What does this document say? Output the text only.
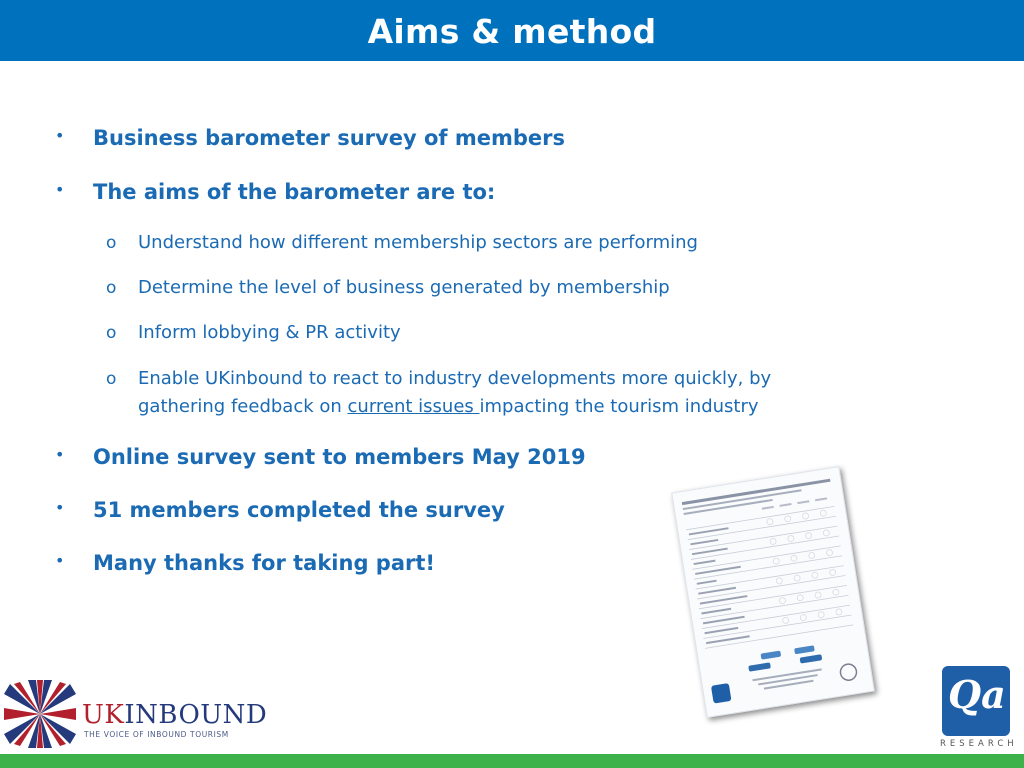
Aims & method
• Business barometer survey of members
• The aims of the barometer are to:
o Understand how different membership sectors are performing
o Determine the level of business generated by membership
o Inform lobbying & PR activity
o Enable UKinbound to react to industry developments more quickly, by
gathering feedback on current issues impacting the tourism industry
• Online survey sent to members May 2019
• 51 members completed the survey
• Many thanks for taking part!
UKINBOUND
THE VOICE OF INBOUND TOURISM
Qa
RESEARCH
